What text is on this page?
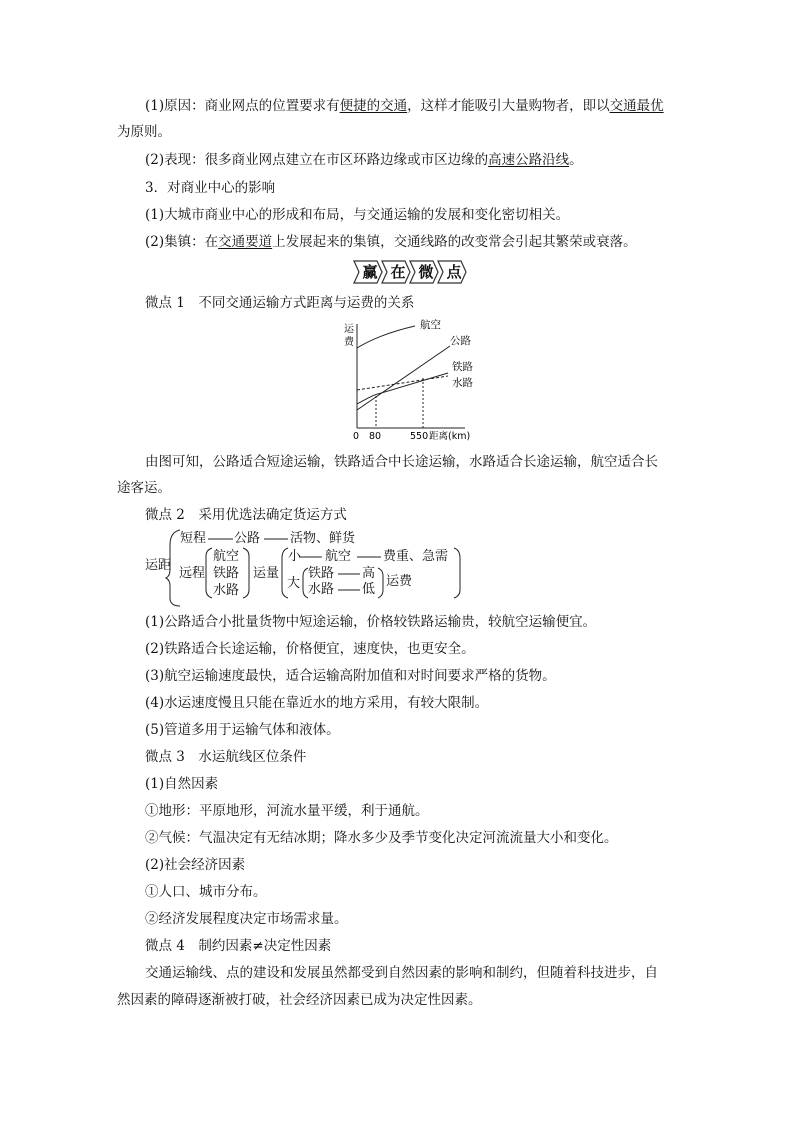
(1)原因：商业网点的位置要求有便捷的交通，这样才能吸引大量购物者，即以交通最优
为原则。
(2)表现：很多商业网点建立在市区环路边缘或市区边缘的高速公路沿线。
3．对商业中心的影响
(1)大城市商业中心的形成和布局，与交通运输的发展和变化密切相关。
(2)集镇：在交通要道上发展起来的集镇，交通线路的改变常会引起其繁荣或衰落。
赢 在 微 点
微点 1　不同交通运输方式距离与运费的关系
运
费
航空
公路
铁路
水路
0 80	550 距离(km)
由图可知，公路适合短途运输，铁路适合中长途运输，水路适合长途运输，航空适合长
途客运。
微点 2　采用优选法确定货运方式
运距
短程 公路 活物、鲜货
远程
航空
铁路
水路
运量
小 航空 费重、急需
大
铁路 高
水路 低
运费
(1)公路适合小批量货物中短途运输，价格较铁路运输贵，较航空运输便宜。
(2)铁路适合长途运输，价格便宜，速度快，也更安全。
(3)航空运输速度最快，适合运输高附加值和对时间要求严格的货物。
(4)水运速度慢且只能在靠近水的地方采用，有较大限制。
(5)管道多用于运输气体和液体。
微点 3　水运航线区位条件
(1)自然因素
①地形：平原地形，河流水量平缓，利于通航。
②气候：气温决定有无结冰期；降水多少及季节变化决定河流流量大小和变化。
(2)社会经济因素
①人口、城市分布。
②经济发展程度决定市场需求量。
微点 4　制约因素≠决定性因素
交通运输线、点的建设和发展虽然都受到自然因素的影响和制约，但随着科技进步，自
然因素的障碍逐渐被打破，社会经济因素已成为决定性因素。
